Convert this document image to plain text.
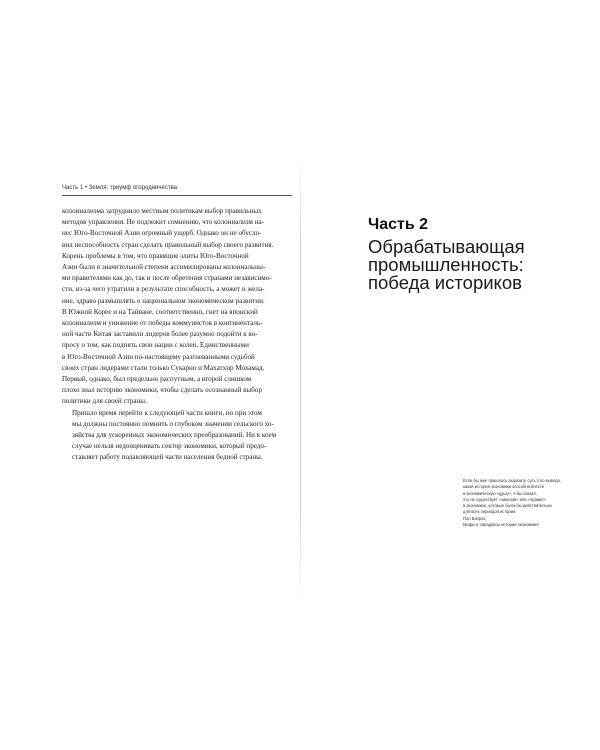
Часть 1 • Земля: триумф огородничества

колониализма затруднило местным политикам выбор правильных
методов управления. Не подлежит сомнению, что колониализм на-
нес Юго-Восточной Азии огромный ущерб. Однако он не обусло-
вил неспособность стран сделать правильный выбор своего развития.
Корень проблемы в том, что правящие элиты Юго-Восточной
Азии были в значительной степени ассимилированы колониальны-
ми правителями как до, так и после обретения странами независимо-
сти, из-за чего утратили в результате способность, а может и жела-
ние, здраво размышлять о национальном экономическом развитии.
В Южной Корее и на Тайване, соответственно, гнет на японский
колониализм и унижение от победы коммунистов в континенталь-
ной части Китая заставили лидеров более разумно подойти к во-
просу о том, как поднять свои нации с колен. Единственными
в Юго-Восточной Азии по-настоящему разгневанными судьбой
своих стран лидерами стали только Сукарно и Махатхир Мохамад.
Первый, однако, был предельно распутным, а второй слишком
плохо знал историю экономики, чтобы сделать осознанный выбор
политики для своей страны.

Пришло время перейти к следующей части книги, но при этом
мы должны постоянно помнить о глубоком значении сельского хо-
зяйства для ускоренных экономических преобразований. Ни в коем
случае нельзя недооценивать сектор экономики, который предо-
ставляет работу подавляющей части населения бедной страны.

Часть 2
Обрабатывающая
промышленность:
победа историков
Если бы мне пришлось выразить суть того вывода,
какой история экономики способна внести
в экономическую «душу», я бы сказал,
что не существует «законов» или «правил»
в экономике, которые были бы действительны
для всех периодов истории.
Пол Бэйрох,
Мифы и парадоксы истории экономики¹
